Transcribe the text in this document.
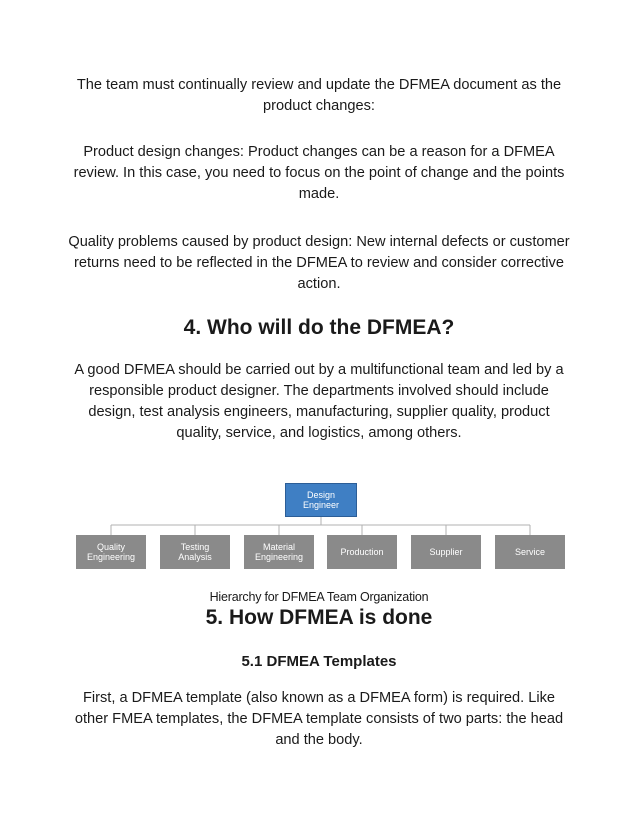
The team must continually review and update the DFMEA document as the product changes:

Product design changes: Product changes can be a reason for a DFMEA review. In this case, you need to focus on the point of change and the points made.

Quality problems caused by product design: New internal defects or customer returns need to be reflected in the DFMEA to review and consider corrective action.

4. Who will do the DFMEA?

A good DFMEA should be carried out by a multifunctional team and led by a responsible product designer. The departments involved should include design, test analysis engineers, manufacturing, supplier quality, product quality, service, and logistics, among others.

Design
Engineer
Quality
Engineering
Testing
Analysis
Material
Engineering
Production	Supplier	Service

Hierarchy for DFMEA Team Organization

5. How DFMEA is done
5.1 DFMEA Templates

First, a DFMEA template (also known as a DFMEA form) is required. Like other FMEA templates, the DFMEA template consists of two parts: the head and the body.
